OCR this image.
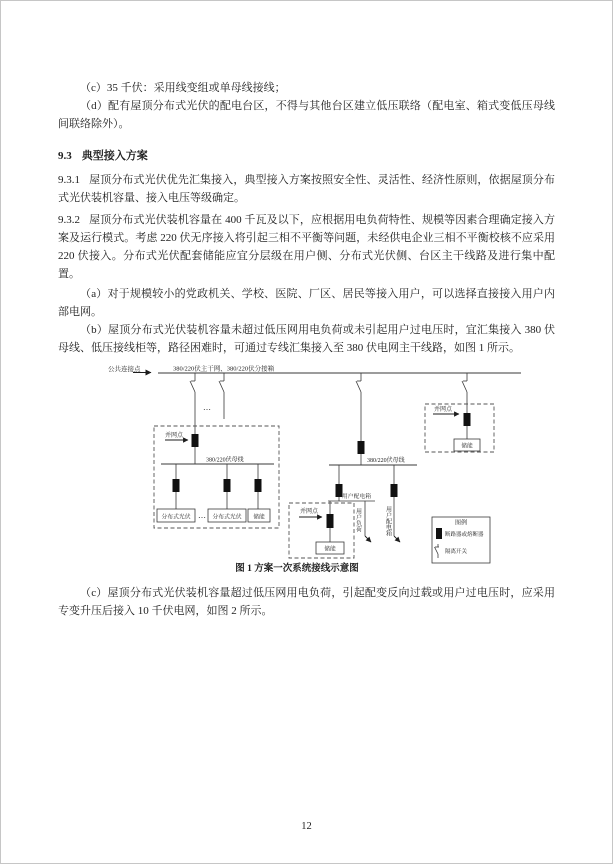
（c）35 千伏：采用线变组或单母线接线；

（d）配有屋顶分布式光伏的配电台区，不得与其他台区建立低压联络（配电室、箱式变低压母线间联络除外）。

9.3 典型接入方案

9.3.1 屋顶分布式光伏优先汇集接入，典型接入方案按照安全性、灵活性、经济性原则，依据屋顶分布式光伏装机容量、接入电压等级确定。

9.3.2 屋顶分布式光伏装机容量在 400 千瓦及以下，应根据用电负荷特性、规模等因素合理确定接入方案及运行模式。考虑 220 伏无序接入将引起三相不平衡等问题，未经供电企业三相不平衡校核不应采用 220 伏接入。分布式光伏配套储能应宜分层级在用户侧、分布式光伏侧、台区主干线路及进行集中配置。

（a）对于规模较小的党政机关、学校、医院、厂区、居民等接入用户，可以选择直接接入用户内部电网。

（b）屋顶分布式光伏装机容量未超过低压网用电负荷或未引起用户过电压时，宜汇集接入 380 伏母线、低压接线柜等，路径困难时，可通过专线汇集接入至 380 伏电网主干线路，如图 1 所示。

公共连接点	380/220伏主干网、380/220伏分接箱
…
并网点
380/220伏母线
分布式光伏 … 分布式光伏 储能
380/220伏母线
并网点
储能
用户配电箱
并网点
储能
用户负荷	用户配电箱	图例
断路器或熔断器
隔离开关
图 1 方案一次系统接线示意图

（c）屋顶分布式光伏装机容量超过低压网用电负荷，引起配变反向过载或用户过电压时，应采用专变升压后接入 10 千伏电网，如图 2 所示。

12
